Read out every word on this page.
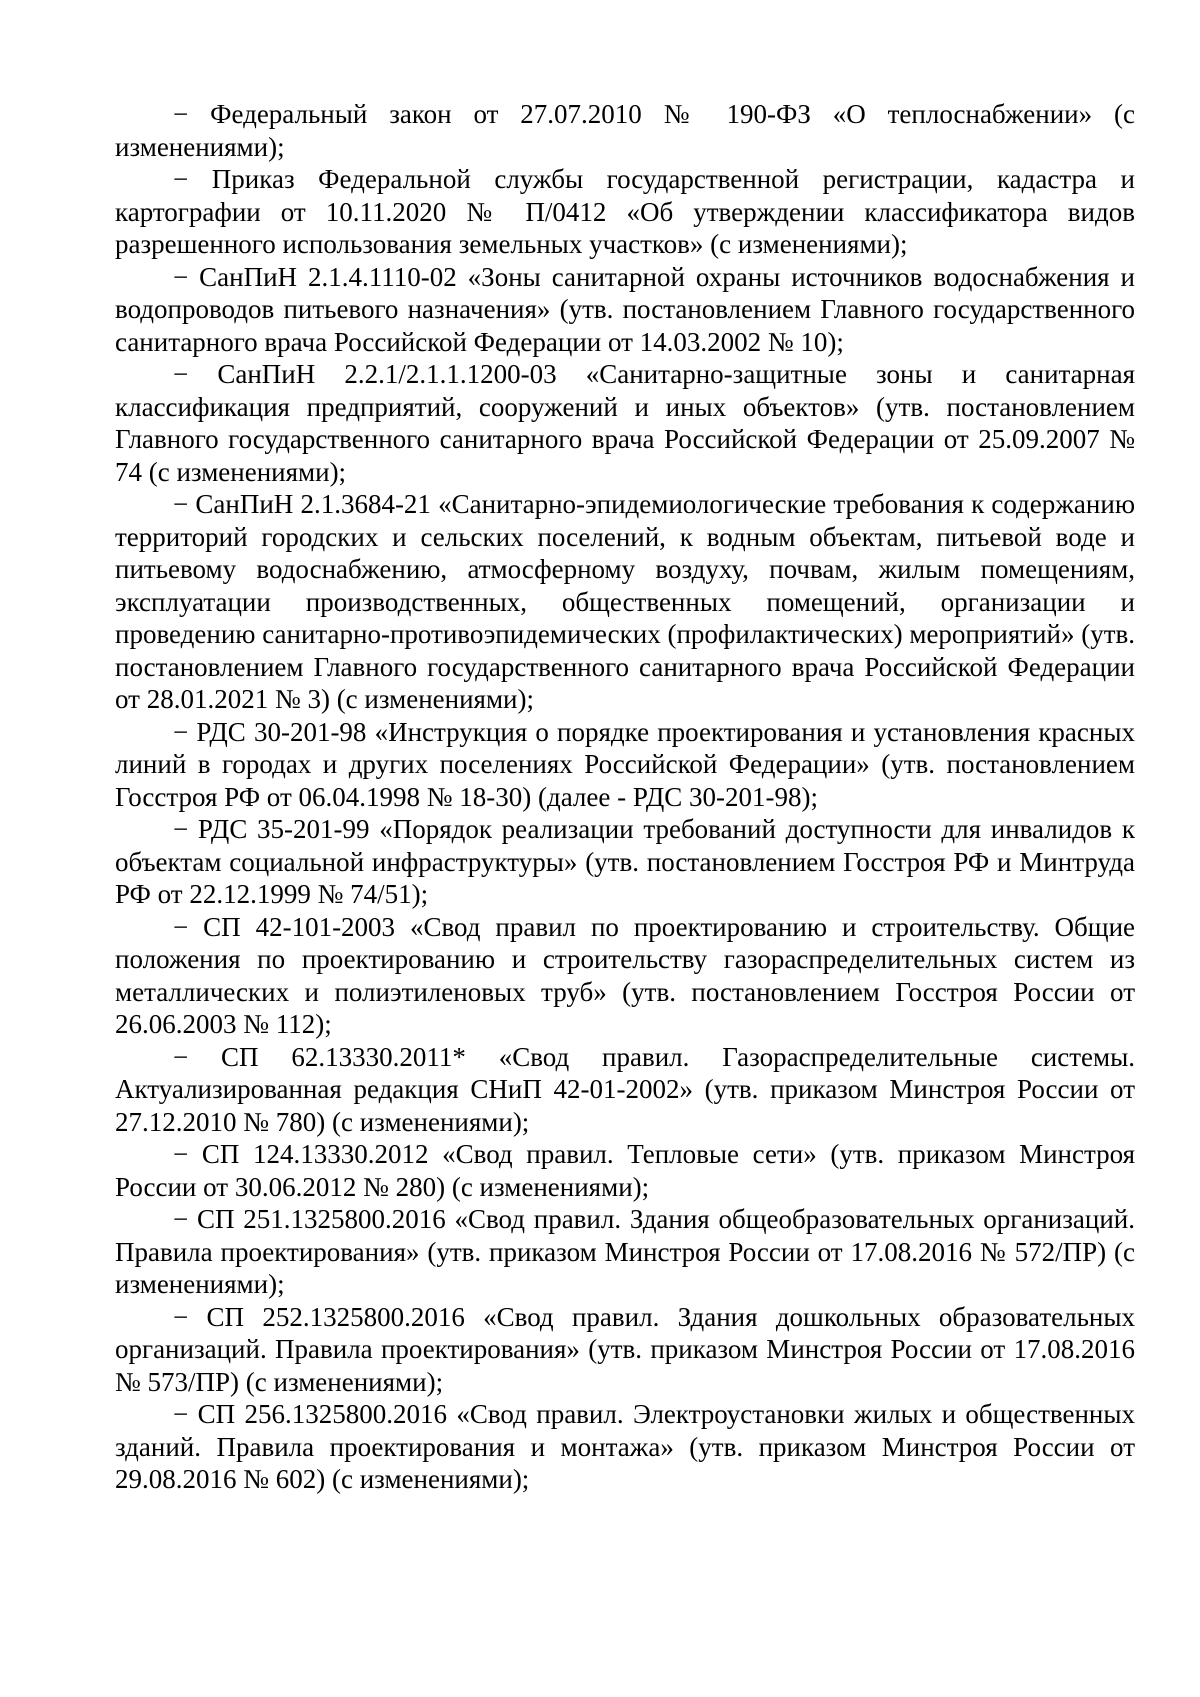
− Федеральный закон от 27.07.2010 № 190-ФЗ «О теплоснабжении» (с изменениями);

− Приказ Федеральной службы государственной регистрации, кадастра и картографии от 10.11.2020 № П/0412 «Об утверждении классификатора видов разрешенного использования земельных участков» (с изменениями);

− СанПиН 2.1.4.1110-02 «Зоны санитарной охраны источников водоснабжения и водопроводов питьевого назначения» (утв. постановлением Главного государственного санитарного врача Российской Федерации от 14.03.2002 № 10);

− СанПиН 2.2.1/2.1.1.1200-03 «Санитарно-защитные зоны и санитарная классификация предприятий, сооружений и иных объектов» (утв. постановлением Главного государственного санитарного врача Российской Федерации от 25.09.2007 № 74 (с изменениями);

− СанПиН 2.1.3684-21 «Санитарно-эпидемиологические требования к содержанию территорий городских и сельских поселений, к водным объектам, питьевой воде и питьевому водоснабжению, атмосферному воздуху, почвам, жилым помещениям, эксплуатации производственных, общественных помещений, организации и проведению санитарно-противоэпидемических (профилактических) мероприятий» (утв. постановлением Главного государственного санитарного врача Российской Федерации от 28.01.2021 № 3) (с изменениями);

− РДС 30-201-98 «Инструкция о порядке проектирования и установления красных линий в городах и других поселениях Российской Федерации» (утв. постановлением Госстроя РФ от 06.04.1998 № 18-30) (далее - РДС 30-201-98);

− РДС 35-201-99 «Порядок реализации требований доступности для инвалидов к объектам социальной инфраструктуры» (утв. постановлением Госстроя РФ и Минтруда РФ от 22.12.1999 № 74/51);

− СП 42-101-2003 «Свод правил по проектированию и строительству. Общие положения по проектированию и строительству газораспределительных систем из металлических и полиэтиленовых труб» (утв. постановлением Госстроя России от 26.06.2003 № 112);

− СП 62.13330.2011* «Свод правил. Газораспределительные системы. Актуализированная редакция СНиП 42-01-2002» (утв. приказом Минстроя России от 27.12.2010 № 780) (с изменениями);

− СП 124.13330.2012 «Свод правил. Тепловые сети» (утв. приказом Минстроя России от 30.06.2012 № 280) (с изменениями);

− СП 251.1325800.2016 «Свод правил. Здания общеобразовательных организаций. Правила проектирования» (утв. приказом Минстроя России от 17.08.2016 № 572/ПР) (с изменениями);

− СП 252.1325800.2016 «Свод правил. Здания дошкольных образовательных организаций. Правила проектирования» (утв. приказом Минстроя России от 17.08.2016 № 573/ПР) (с изменениями);

− СП 256.1325800.2016 «Свод правил. Электроустановки жилых и общественных зданий. Правила проектирования и монтажа» (утв. приказом Минстроя России от 29.08.2016 № 602) (с изменениями);
